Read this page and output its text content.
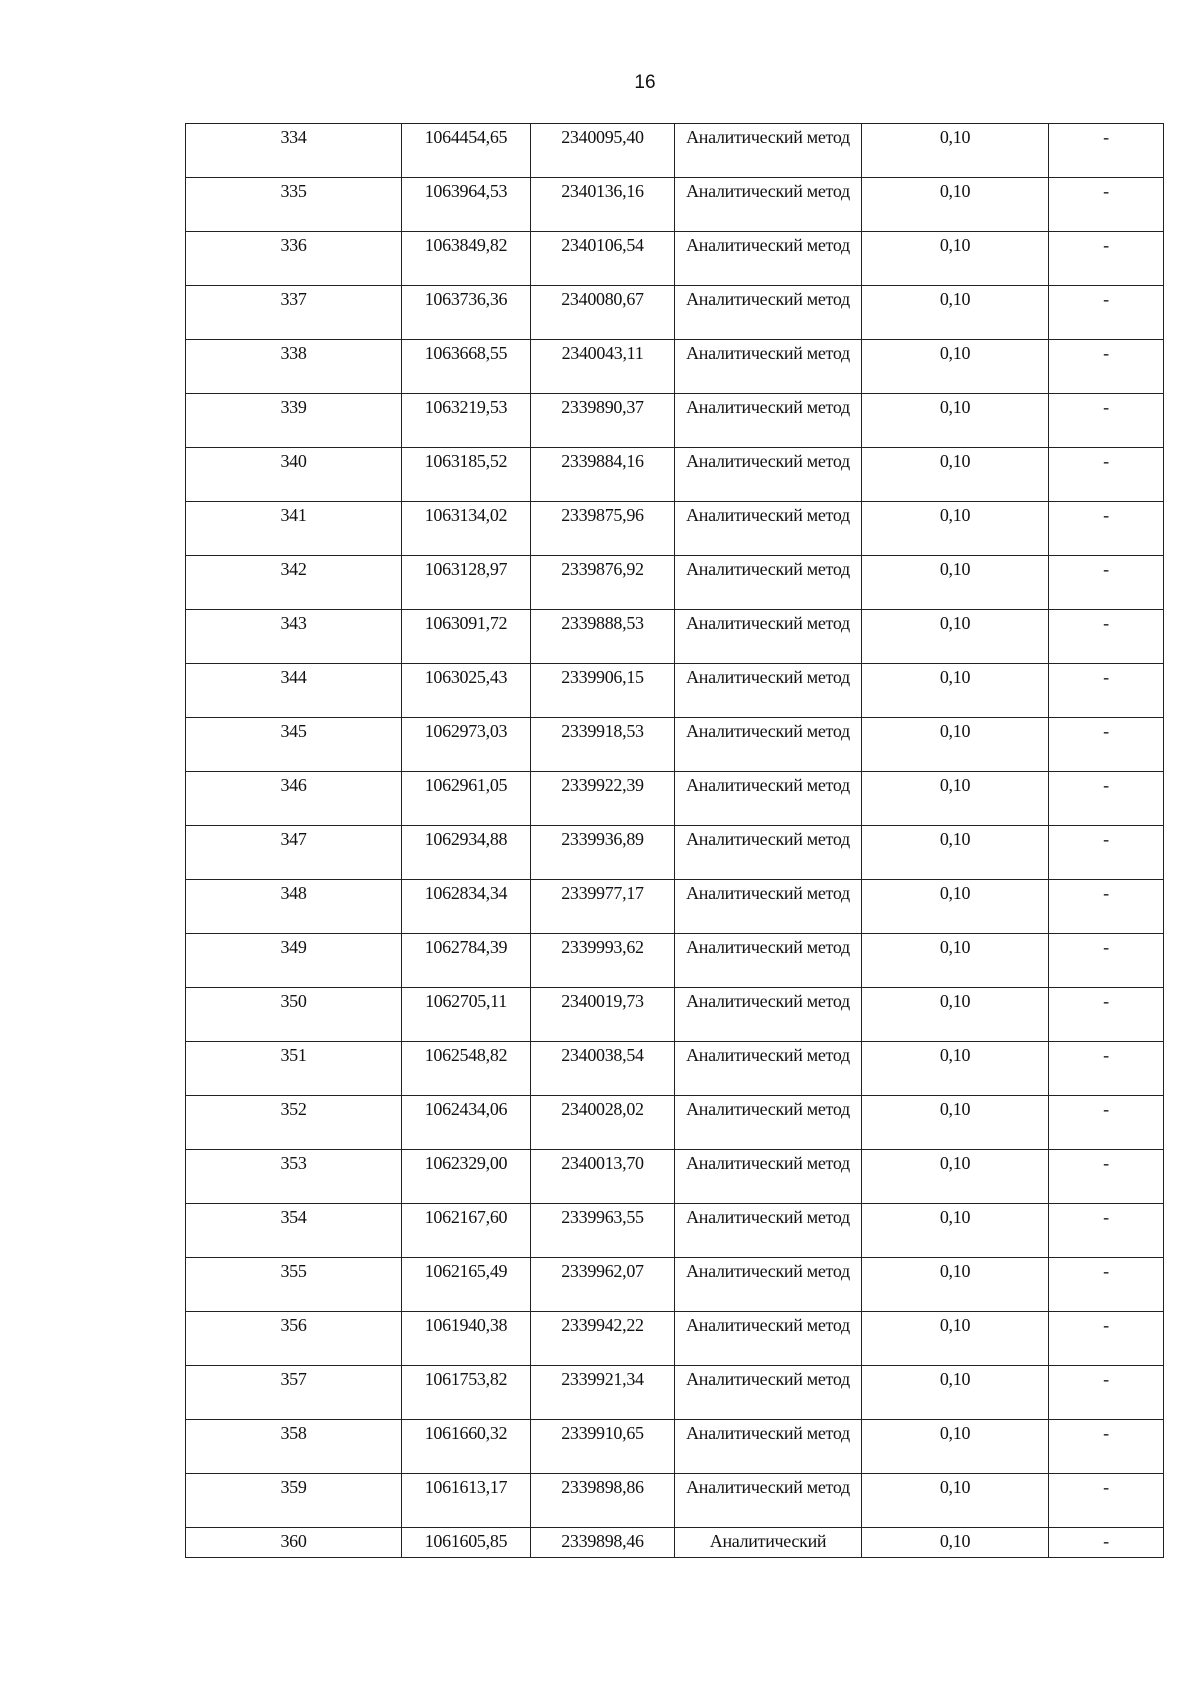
16
334	1064454,65	2340095,40	Аналитический метод	0,10	-
335	1063964,53	2340136,16	Аналитический метод	0,10	-
336	1063849,82	2340106,54	Аналитический метод	0,10	-
337	1063736,36	2340080,67	Аналитический метод	0,10	-
338	1063668,55	2340043,11	Аналитический метод	0,10	-
339	1063219,53	2339890,37	Аналитический метод	0,10	-
340	1063185,52	2339884,16	Аналитический метод	0,10	-
341	1063134,02	2339875,96	Аналитический метод	0,10	-
342	1063128,97	2339876,92	Аналитический метод	0,10	-
343	1063091,72	2339888,53	Аналитический метод	0,10	-
344	1063025,43	2339906,15	Аналитический метод	0,10	-
345	1062973,03	2339918,53	Аналитический метод	0,10	-
346	1062961,05	2339922,39	Аналитический метод	0,10	-
347	1062934,88	2339936,89	Аналитический метод	0,10	-
348	1062834,34	2339977,17	Аналитический метод	0,10	-
349	1062784,39	2339993,62	Аналитический метод	0,10	-
350	1062705,11	2340019,73	Аналитический метод	0,10	-
351	1062548,82	2340038,54	Аналитический метод	0,10	-
352	1062434,06	2340028,02	Аналитический метод	0,10	-
353	1062329,00	2340013,70	Аналитический метод	0,10	-
354	1062167,60	2339963,55	Аналитический метод	0,10	-
355	1062165,49	2339962,07	Аналитический метод	0,10	-
356	1061940,38	2339942,22	Аналитический метод	0,10	-
357	1061753,82	2339921,34	Аналитический метод	0,10	-
358	1061660,32	2339910,65	Аналитический метод	0,10	-
359	1061613,17	2339898,86	Аналитический метод	0,10	-
360	1061605,85	2339898,46	Аналитический	0,10	-
